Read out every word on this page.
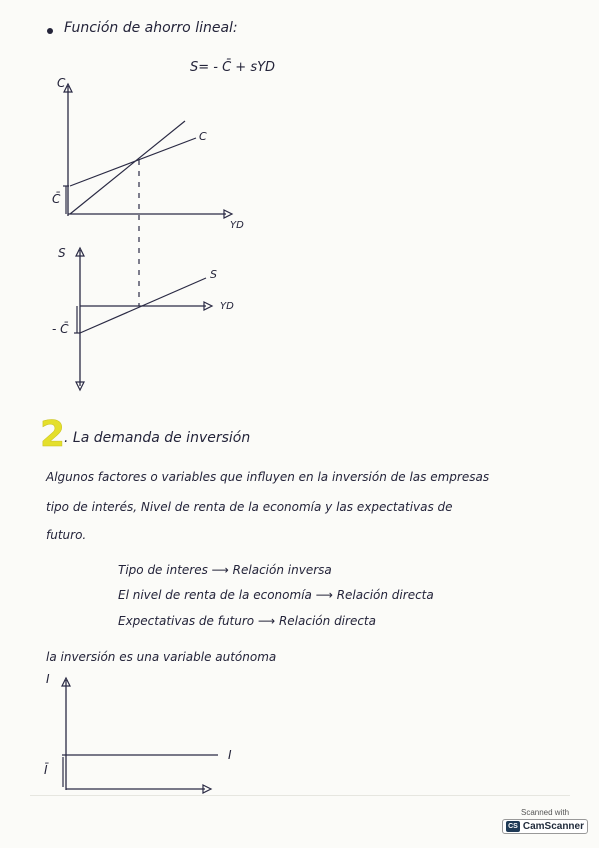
Función de ahorro lineal:
S= - C̄ + sYD
C
YD
C̄
C
S
YD
- C̄
S
2
. La demanda de inversión
Algunos factores o variables que influyen en la inversión de las empresas
tipo de interés, Nivel de renta de la economía y las expectativas de
futuro.
Tipo de interes ⟶ Relación inversa
El nivel de renta de la economía ⟶ Relación directa
Expectativas de futuro ⟶ Relación directa
la inversión es una variable autónoma
I
I
Ī
Scanned with
CS CamScanner
